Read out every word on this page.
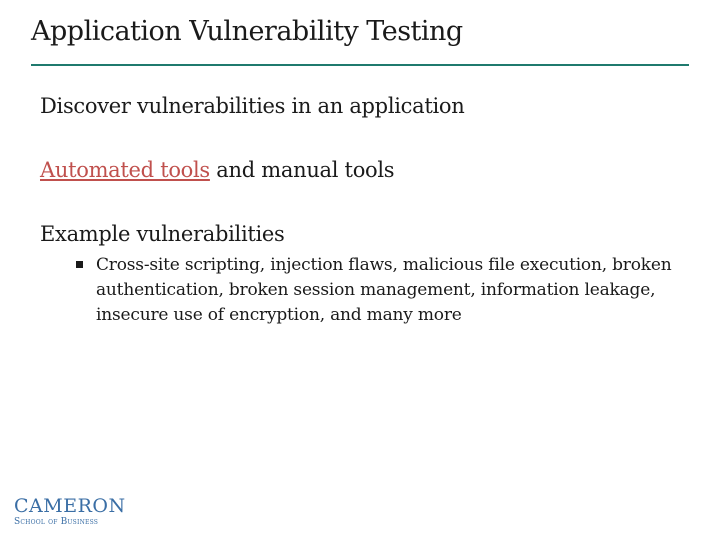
Application Vulnerability Testing

Discover vulnerabilities in an application

Automated tools and manual tools

Example vulnerabilities

Cross-site scripting, injection flaws, malicious file execution, broken authentication, broken session management, information leakage, insecure use of encryption, and many more
CAMERON
School of Business
